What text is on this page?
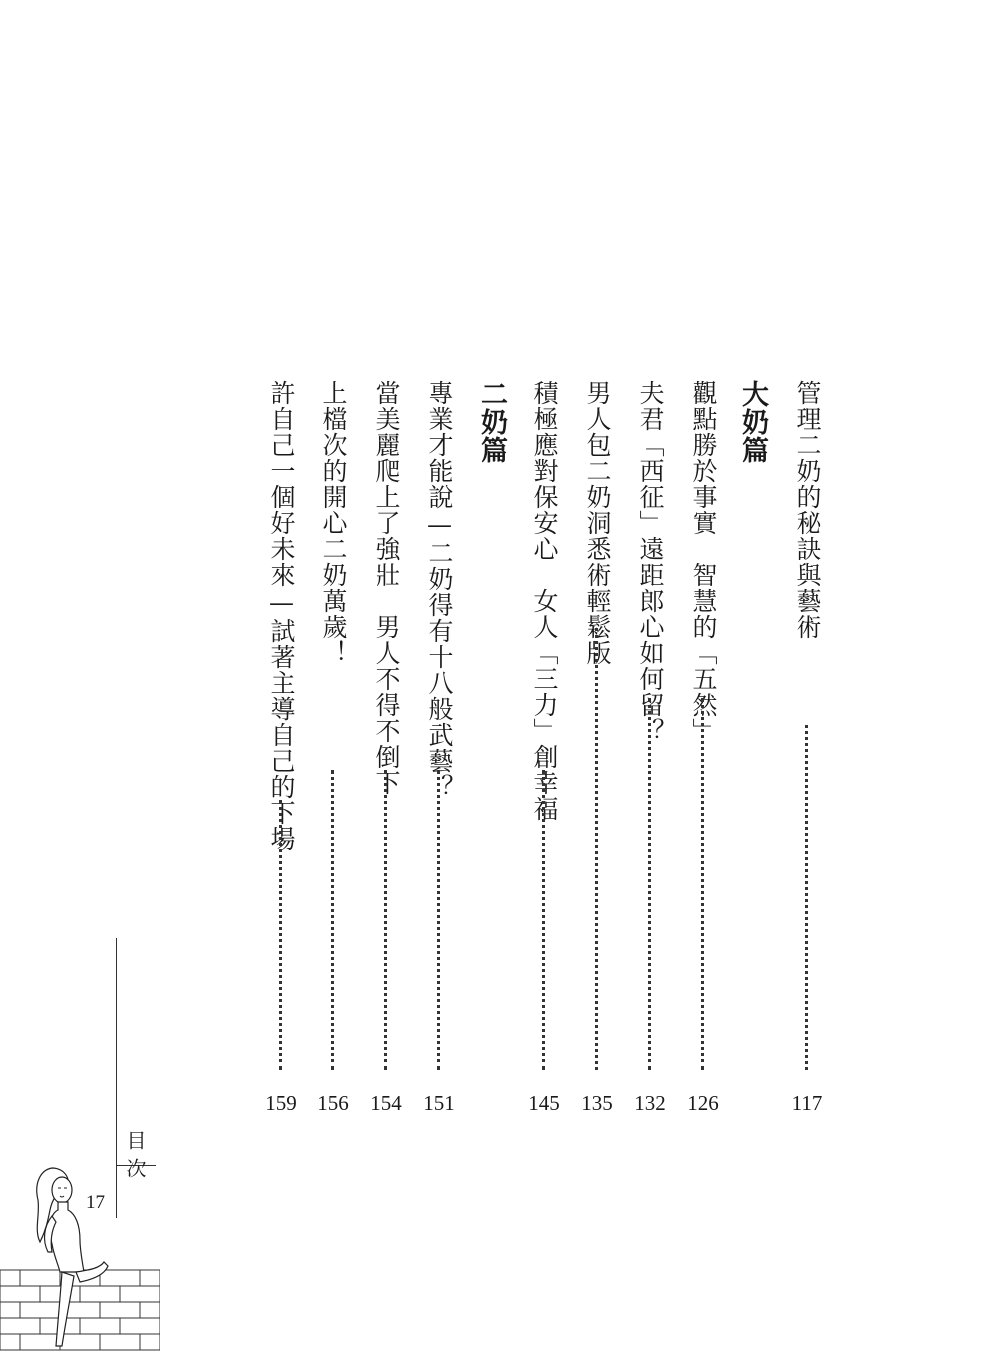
管理二奶的秘訣與藝術
117
大奶篇
觀點勝於事實　智慧的「五然」
126
夫君「西征」遠距郎心如何留？
132
男人包二奶洞悉術輕鬆版
135
積極應對保安心　女人「三力」創幸福
145
二奶篇
專業才能說—二奶得有十八般武藝？
151
當美麗爬上了強壯　男人不得不倒下
154
上檔次的開心二奶萬歲！
156
許自己一個好未來—試著主導自己的下場
159
目次
17
